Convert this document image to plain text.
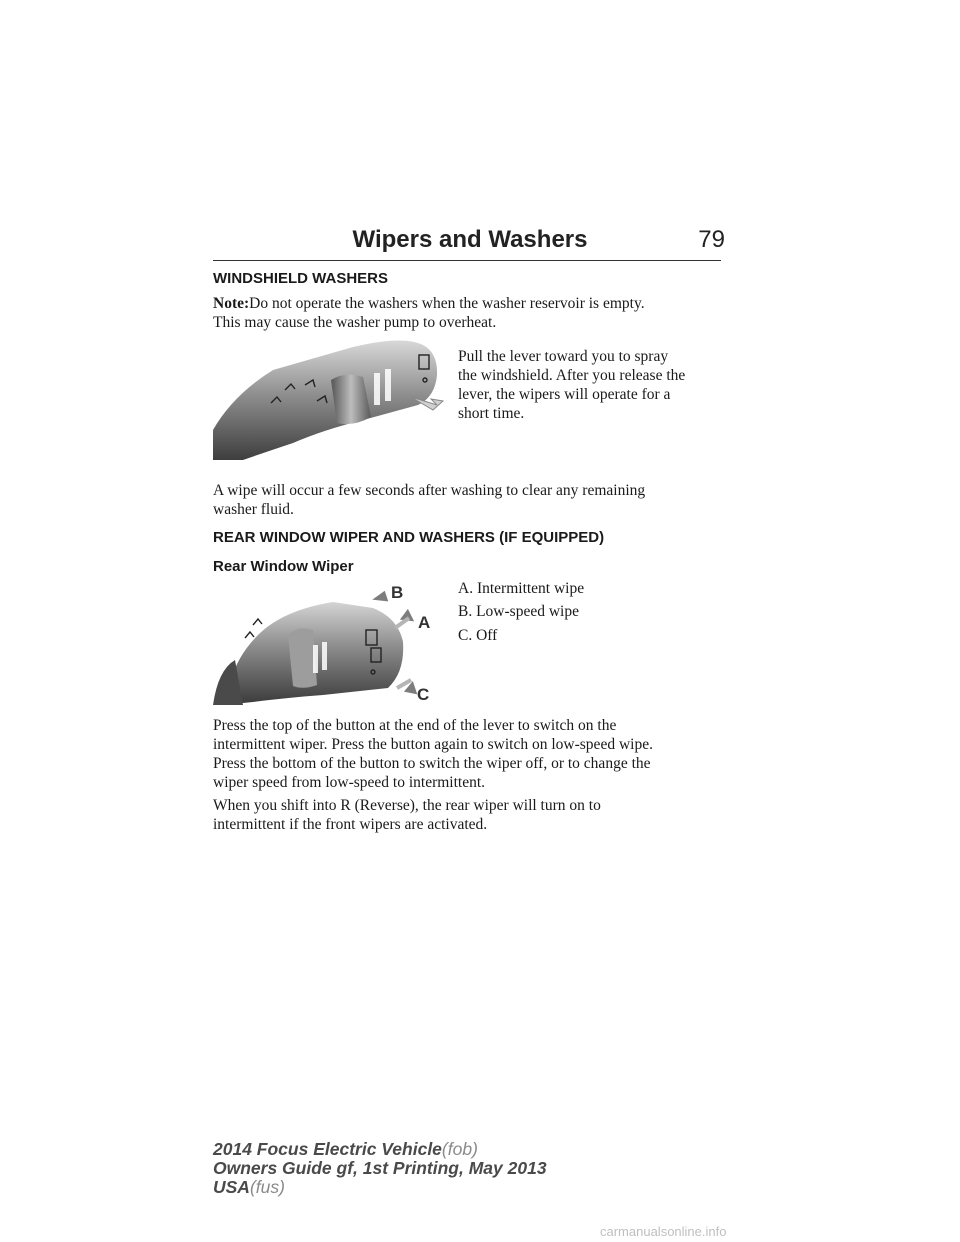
Wipers and Washers	79
WINDSHIELD WASHERS
Note:Do not operate the washers when the washer reservoir is empty.
This may cause the washer pump to overheat.
Pull the lever toward you to spray
the windshield. After you release the
lever, the wipers will operate for a
short time.
A wipe will occur a few seconds after washing to clear any remaining
washer fluid.
REAR WINDOW WIPER AND WASHERS (IF EQUIPPED)
Rear Window Wiper
B
A
C
A. Intermittent wipe
B. Low-speed wipe
C. Off
Press the top of the button at the end of the lever to switch on the
intermittent wiper. Press the button again to switch on low-speed wipe.
Press the bottom of the button to switch the wiper off, or to change the
wiper speed from low-speed to intermittent.
When you shift into R (Reverse), the rear wiper will turn on to
intermittent if the front wipers are activated.
2014 Focus Electric Vehicle(fob)
Owners Guide gf, 1st Printing, May 2013
USA(fus)
carmanualsonline.info
